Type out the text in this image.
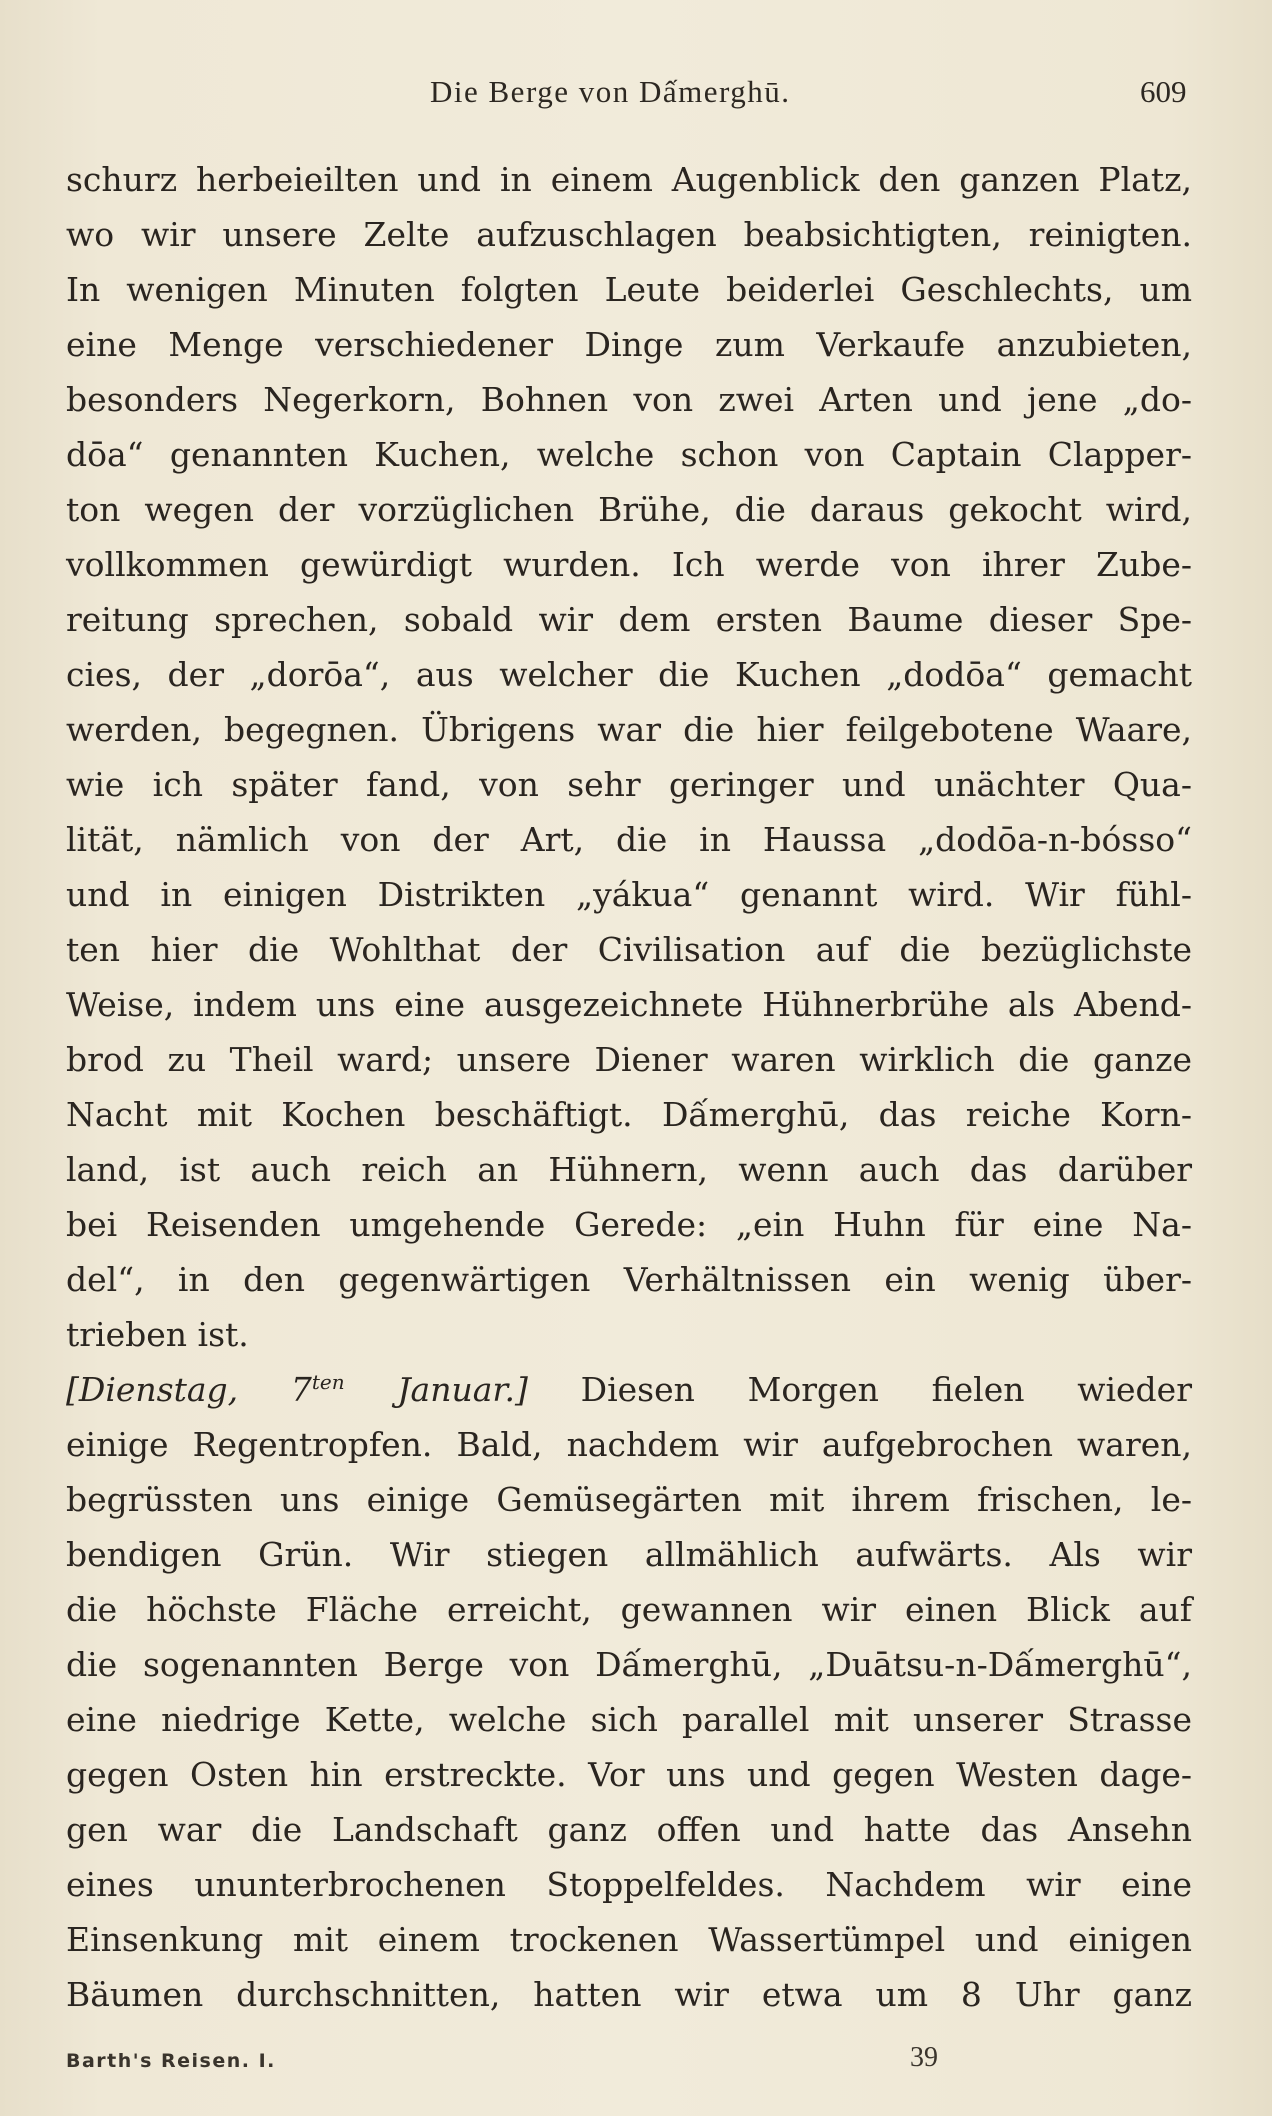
Die Berge von Dấmerghū.	609
schurz herbeieilten und in einem Augenblick den ganzen Platz,
wo wir unsere Zelte aufzuschlagen beabsichtigten, reinigten.
In wenigen Minuten folgten Leute beiderlei Geschlechts, um
eine Menge verschiedener Dinge zum Verkaufe anzubieten,
besonders Negerkorn, Bohnen von zwei Arten und jene „do-
dōa“ genannten Kuchen, welche schon von Captain Clapper-
ton wegen der vorzüglichen Brühe, die daraus gekocht wird,
vollkommen gewürdigt wurden. Ich werde von ihrer Zube-
reitung sprechen, sobald wir dem ersten Baume dieser Spe-
cies, der „dorōa“, aus welcher die Kuchen „dodōa“ gemacht
werden, begegnen. Übrigens war die hier feilgebotene Waare,
wie ich später fand, von sehr geringer und unächter Qua-
lität, nämlich von der Art, die in Haussa „dodōa-n-bósso“
und in einigen Distrikten „yákua“ genannt wird. Wir fühl-
ten hier die Wohlthat der Civilisation auf die bezüglichste
Weise, indem uns eine ausgezeichnete Hühnerbrühe als Abend-
brod zu Theil ward; unsere Diener waren wirklich die ganze
Nacht mit Kochen beschäftigt. Dấmerghū, das reiche Korn-
land, ist auch reich an Hühnern, wenn auch das darüber
bei Reisenden umgehende Gerede: „ein Huhn für eine Na-
del“, in den gegenwärtigen Verhältnissen ein wenig über-
trieben ist.
[Dienstag, $7^{ten}$ Januar.] Diesen Morgen fielen wieder
einige Regentropfen. Bald, nachdem wir aufgebrochen waren,
begrüssten uns einige Gemüsegärten mit ihrem frischen, le-
bendigen Grün. Wir stiegen allmählich aufwärts. Als wir
die höchste Fläche erreicht, gewannen wir einen Blick auf
die sogenannten Berge von Dấmerghū, „Duātsu-n-Dấmerghū“,
eine niedrige Kette, welche sich parallel mit unserer Strasse
gegen Osten hin erstreckte. Vor uns und gegen Westen dage-
gen war die Landschaft ganz offen und hatte das Ansehn
eines ununterbrochenen Stoppelfeldes. Nachdem wir eine
Einsenkung mit einem trockenen Wassertümpel und einigen
Bäumen durchschnitten, hatten wir etwa um 8 Uhr ganz
Barth's Reisen. I.	39
